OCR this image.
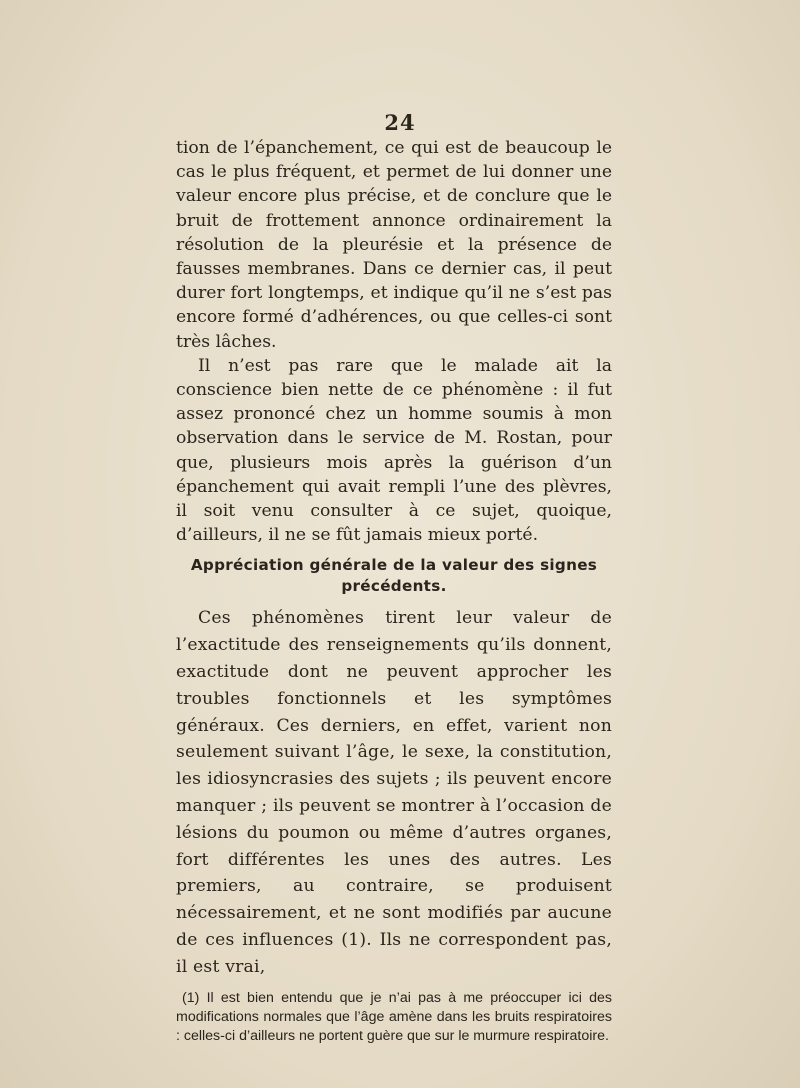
24

tion de l’épanchement, ce qui est de beaucoup le cas le plus fréquent, et permet de lui donner une valeur encore plus précise, et de conclure que le bruit de frottement annonce ordinairement la résolution de la pleurésie et la présence de fausses membranes. Dans ce dernier cas, il peut durer fort longtemps, et indique qu’il ne s’est pas encore formé d’adhérences, ou que celles-ci sont très lâches.

Il n’est pas rare que le malade ait la conscience bien nette de ce phénomène : il fut assez prononcé chez un homme soumis à mon observation dans le service de M. Rostan, pour que, plusieurs mois après la guérison d’un épanchement qui avait rempli l’une des plèvres, il soit venu consulter à ce sujet, quoique, d’ailleurs, il ne se fût jamais mieux porté.

Appréciation générale de la valeur des signes
précédents.

Ces phénomènes tirent leur valeur de l’exactitude des renseignements qu’ils donnent, exactitude dont ne peuvent approcher les troubles fonctionnels et les symptômes généraux. Ces derniers, en effet, varient non seulement suivant l’âge, le sexe, la constitution, les idiosyncrasies des sujets ; ils peuvent encore manquer ; ils peuvent se montrer à l’occasion de lésions du poumon ou même d’autres organes, fort différentes les unes des autres. Les premiers, au contraire, se produisent nécessairement, et ne sont modifiés par aucune de ces influences (1). Ils ne correspondent pas, il est vrai,

(1) Il est bien entendu que je n’ai pas à me préoccuper ici des modifications normales que l’âge amène dans les bruits respiratoires : celles-ci d’ailleurs ne portent guère que sur le murmure respiratoire.
